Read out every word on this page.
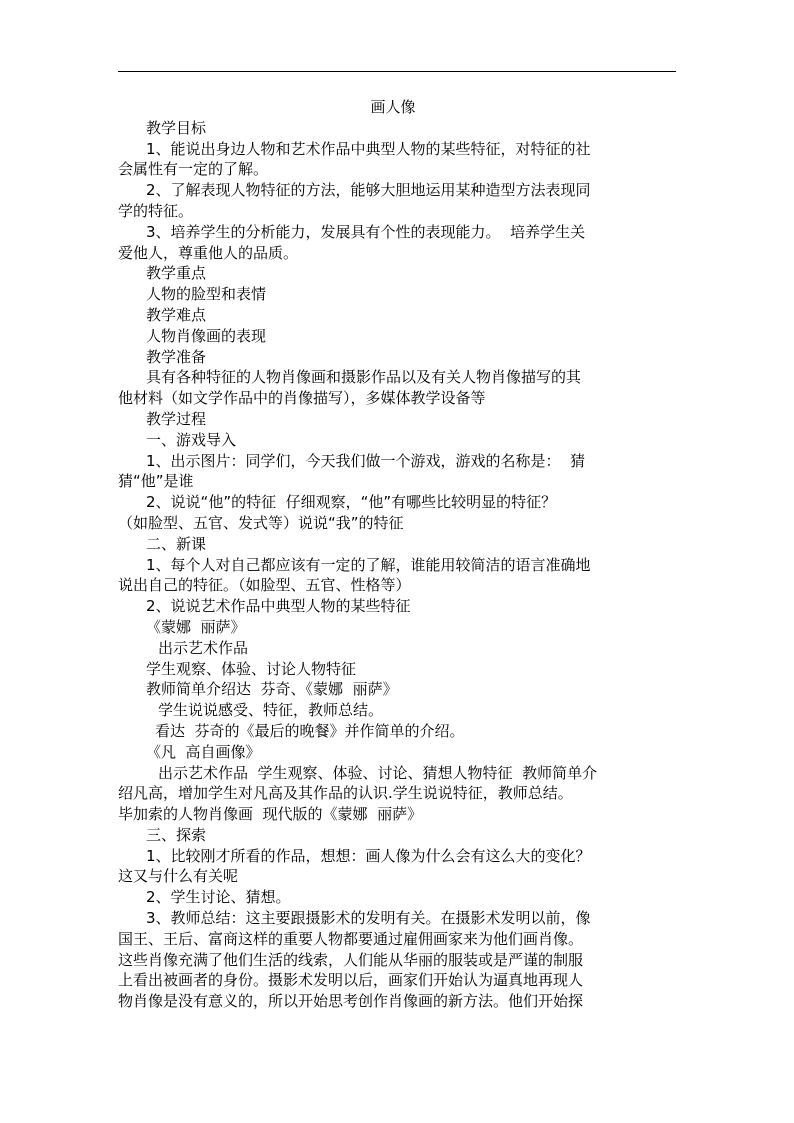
画人像
教学目标
1、能说出身边人物和艺术作品中典型人物的某些特征，对特征的社
会属性有一定的了解。
2、了解表现人物特征的方法，能够大胆地运用某种造型方法表现同
学的特征。
3、培养学生的分析能力，发展具有个性的表现能力。  培养学生关
爱他人，尊重他人的品质。
教学重点
人物的脸型和表情
教学难点
人物肖像画的表现
教学准备
具有各种特征的人物肖像画和摄影作品以及有关人物肖像描写的其
他材料（如文学作品中的肖像描写），多媒体教学设备等
教学过程
一、游戏导入
1、出示图片：同学们，今天我们做一个游戏，游戏的名称是：  猜
猜“他”是谁
2、说说“他”的特征  仔细观察，“他”有哪些比较明显的特征？
（如脸型、五官、发式等）说说“我”的特征
二、新课
1、每个人对自己都应该有一定的了解，谁能用较简洁的语言准确地
说出自己的特征。（如脸型、五官、性格等）
2、说说艺术作品中典型人物的某些特征
《蒙娜  丽萨》
出示艺术作品
学生观察、体验、讨论人物特征
教师简单介绍达  芬奇、《蒙娜  丽萨》
学生说说感受、特征，教师总结。
看达  芬奇的《最后的晚餐》并作简单的介绍。
《凡  高自画像》
出示艺术作品  学生观察、体验、讨论、猜想人物特征  教师简单介
绍凡高，增加学生对凡高及其作品的认识.学生说说特征，教师总结。
毕加索的人物肖像画  现代版的《蒙娜  丽萨》
三、探索
1、比较刚才所看的作品，想想：画人像为什么会有这么大的变化？
这又与什么有关呢
2、学生讨论、猜想。
3、教师总结：这主要跟摄影术的发明有关。在摄影术发明以前，像
国王、王后、富商这样的重要人物都要通过雇佣画家来为他们画肖像。
这些肖像充满了他们生活的线索，人们能从华丽的服装或是严谨的制服
上看出被画者的身份。摄影术发明以后，画家们开始认为逼真地再现人
物肖像是没有意义的，所以开始思考创作肖像画的新方法。他们开始探
